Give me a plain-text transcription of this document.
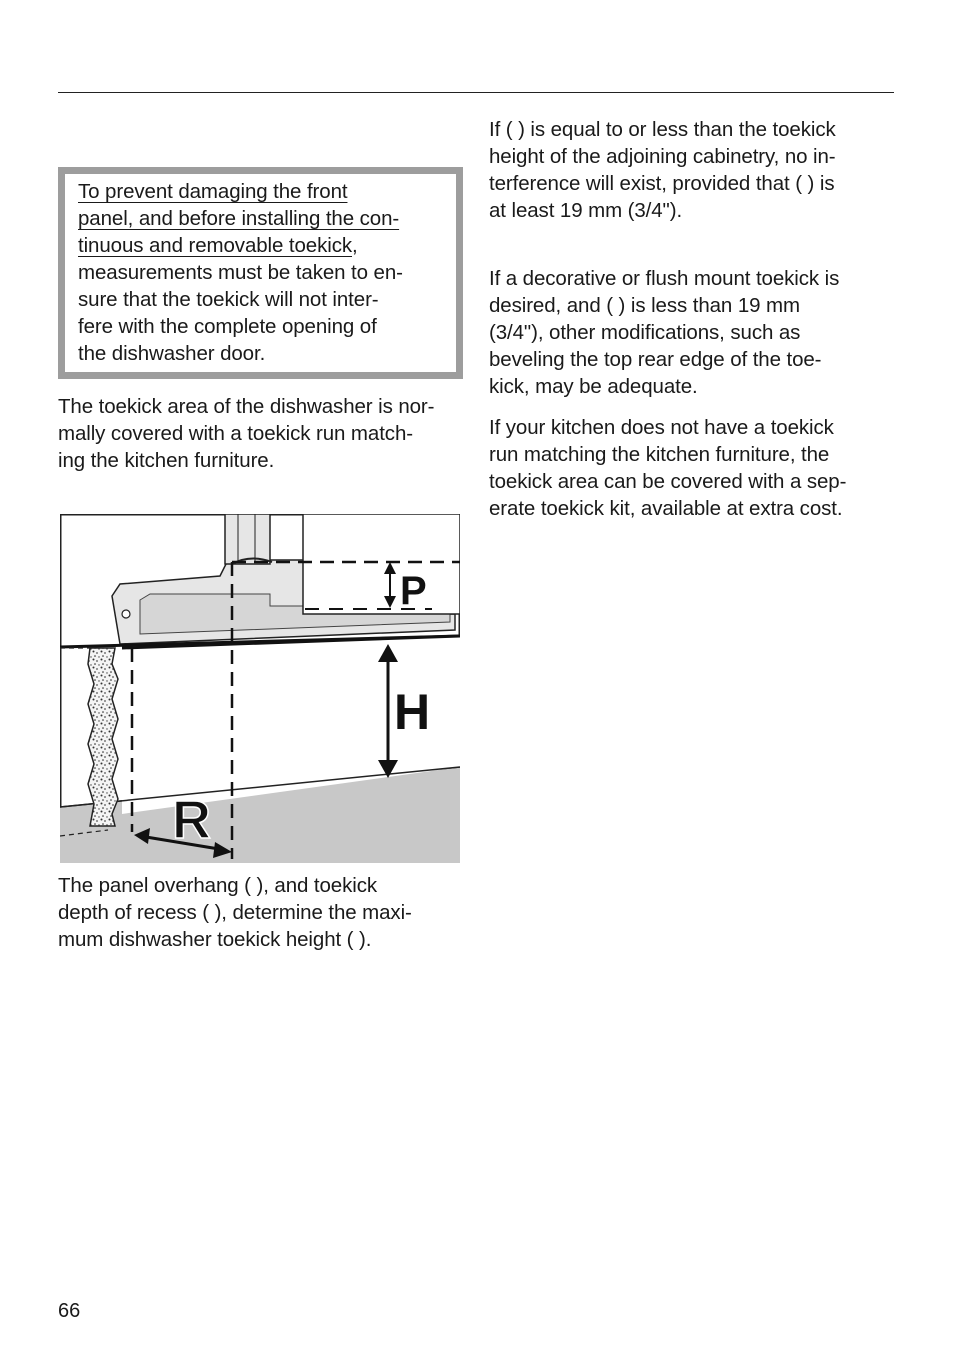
To prevent damaging the front
panel, and before installing the con-
tinuous and removable toekick,

measurements must be taken to en-
sure that the toekick will not inter-
fere with the complete opening of
the dishwasher door.

The toekick area of the dishwasher is nor-
mally covered with a toekick run match-
ing the kitchen furniture.

P
H
R

The panel overhang ( ), and toekick
depth of recess ( ), determine the maxi-
mum dishwasher toekick height ( ).

If ( ) is equal to or less than the toekick
height of the adjoining cabinetry, no in-
terference will exist, provided that ( ) is
at least 19 mm (3/4").

If a decorative or flush mount toekick is
desired, and ( ) is less than 19 mm
(3/4"), other modifications, such as
beveling the top rear edge of the toe-
kick, may be adequate.

If your kitchen does not have a toekick
run matching the kitchen furniture, the
toekick area can be covered with a sep-
erate toekick kit, available at extra cost.

66
